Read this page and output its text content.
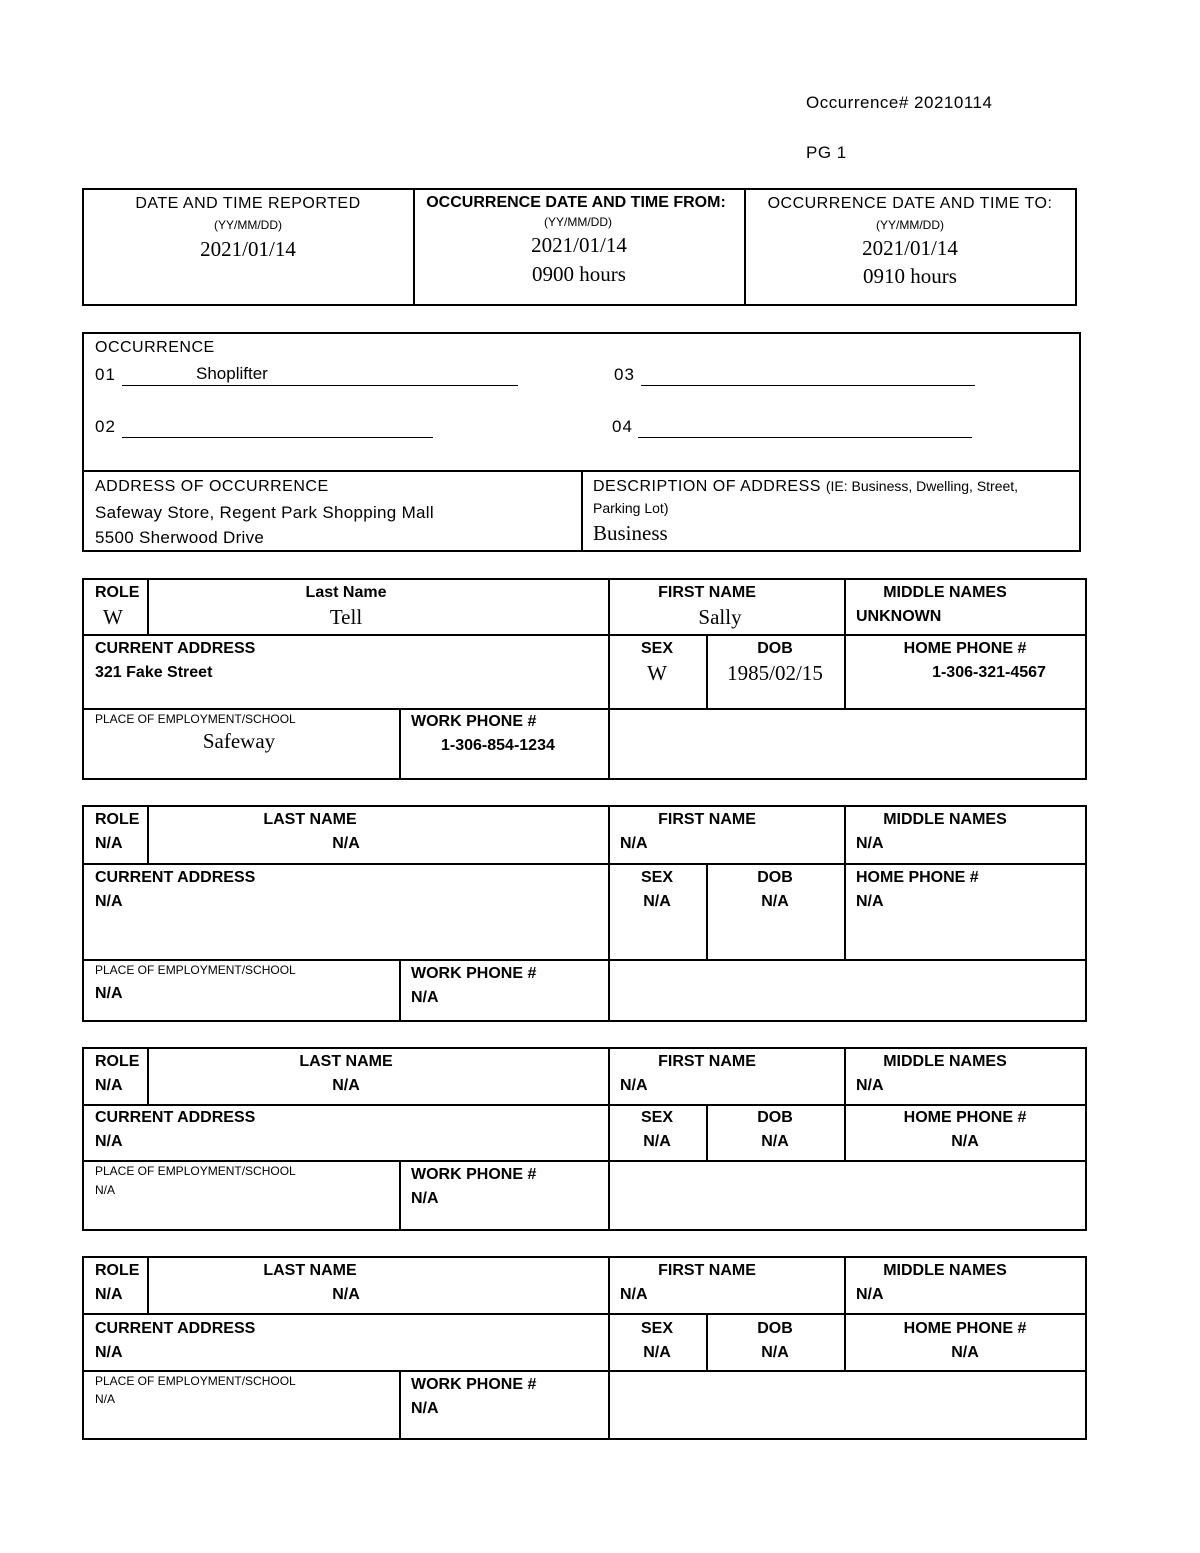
Occurrence# 20210114
PG 1
DATE AND TIME REPORTED
(YY/MM/DD)
2021/01/14
OCCURRENCE DATE AND TIME FROM:
(YY/MM/DD)
2021/01/14
0900 hours
OCCURRENCE DATE AND TIME TO:
(YY/MM/DD)
2021/01/14
0910 hours
OCCURRENCE
01	Shoplifter
02
03
04
ADDRESS OF OCCURRENCE
Safeway Store, Regent Park Shopping Mall
5500 Sherwood Drive
DESCRIPTION OF ADDRESS (IE: Business, Dwelling, Street,
Parking Lot)
Business
ROLE
W
Last Name
Tell
FIRST NAME
Sally
MIDDLE NAMES
UNKNOWN
CURRENT ADDRESS
321 Fake Street
SEX
W
DOB
1985/02/15
HOME PHONE #
1-306-321-4567
PLACE OF EMPLOYMENT/SCHOOL
Safeway
WORK PHONE #
1-306-854-1234
ROLE
N/A
LAST NAME
N/A
FIRST NAME
N/A
MIDDLE NAMES
N/A
CURRENT ADDRESS
N/A
SEX
N/A
DOB
N/A
HOME PHONE #
N/A
PLACE OF EMPLOYMENT/SCHOOL
N/A
WORK PHONE #
N/A
ROLE
N/A
LAST NAME
N/A
FIRST NAME
N/A
MIDDLE NAMES
N/A
CURRENT ADDRESS
N/A
SEX
N/A
DOB
N/A
HOME PHONE #
N/A
PLACE OF EMPLOYMENT/SCHOOL
N/A
WORK PHONE #
N/A
ROLE
N/A
LAST NAME
N/A
FIRST NAME
N/A
MIDDLE NAMES
N/A
CURRENT ADDRESS
N/A
SEX
N/A
DOB
N/A
HOME PHONE #
N/A
PLACE OF EMPLOYMENT/SCHOOL
N/A
WORK PHONE #
N/A
